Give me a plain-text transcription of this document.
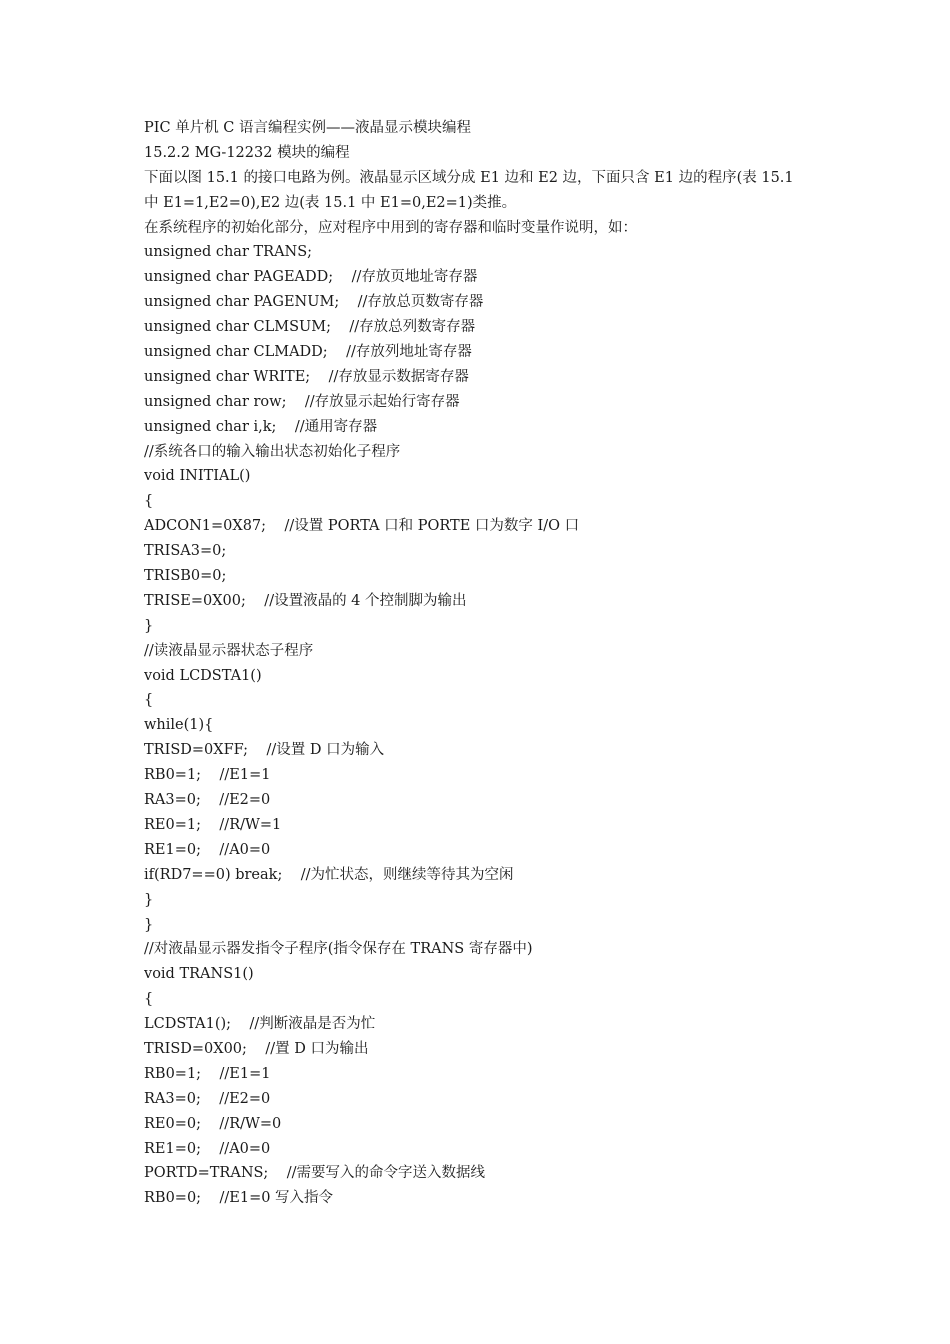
PIC 单片机 C 语言编程实例——液晶显示模块编程
15.2.2 MG-12232 模块的编程
下面以图 15.1 的接口电路为例。液晶显示区域分成 E1 边和 E2 边，下面只含 E1 边的程序(表 15.1
中 E1=1,E2=0),E2 边(表 15.1 中 E1=0,E2=1)类推。
在系统程序的初始化部分，应对程序中用到的寄存器和临时变量作说明，如：
unsigned char TRANS;
unsigned char PAGEADD;    //存放页地址寄存器
unsigned char PAGENUM;    //存放总页数寄存器
unsigned char CLMSUM;    //存放总列数寄存器
unsigned char CLMADD;    //存放列地址寄存器
unsigned char WRITE;    //存放显示数据寄存器
unsigned char row;    //存放显示起始行寄存器
unsigned char i,k;    //通用寄存器
//系统各口的输入输出状态初始化子程序
void INITIAL()
{
ADCON1=0X87;    //设置 PORTA 口和 PORTE 口为数字 I/O 口
TRISA3=0;
TRISB0=0;
TRISE=0X00;    //设置液晶的 4 个控制脚为输出
}
//读液晶显示器状态子程序
void LCDSTA1()
{
while(1){
TRISD=0XFF;    //设置 D 口为输入
RB0=1;    //E1=1
RA3=0;    //E2=0
RE0=1;    //R/W=1
RE1=0;    //A0=0
if(RD7==0) break;    //为忙状态，则继续等待其为空闲
}
}
//对液晶显示器发指令子程序(指令保存在 TRANS 寄存器中)
void TRANS1()
{
LCDSTA1();    //判断液晶是否为忙
TRISD=0X00;    //置 D 口为输出
RB0=1;    //E1=1
RA3=0;    //E2=0
RE0=0;    //R/W=0
RE1=0;    //A0=0
PORTD=TRANS;    //需要写入的命令字送入数据线
RB0=0;    //E1=0 写入指令
